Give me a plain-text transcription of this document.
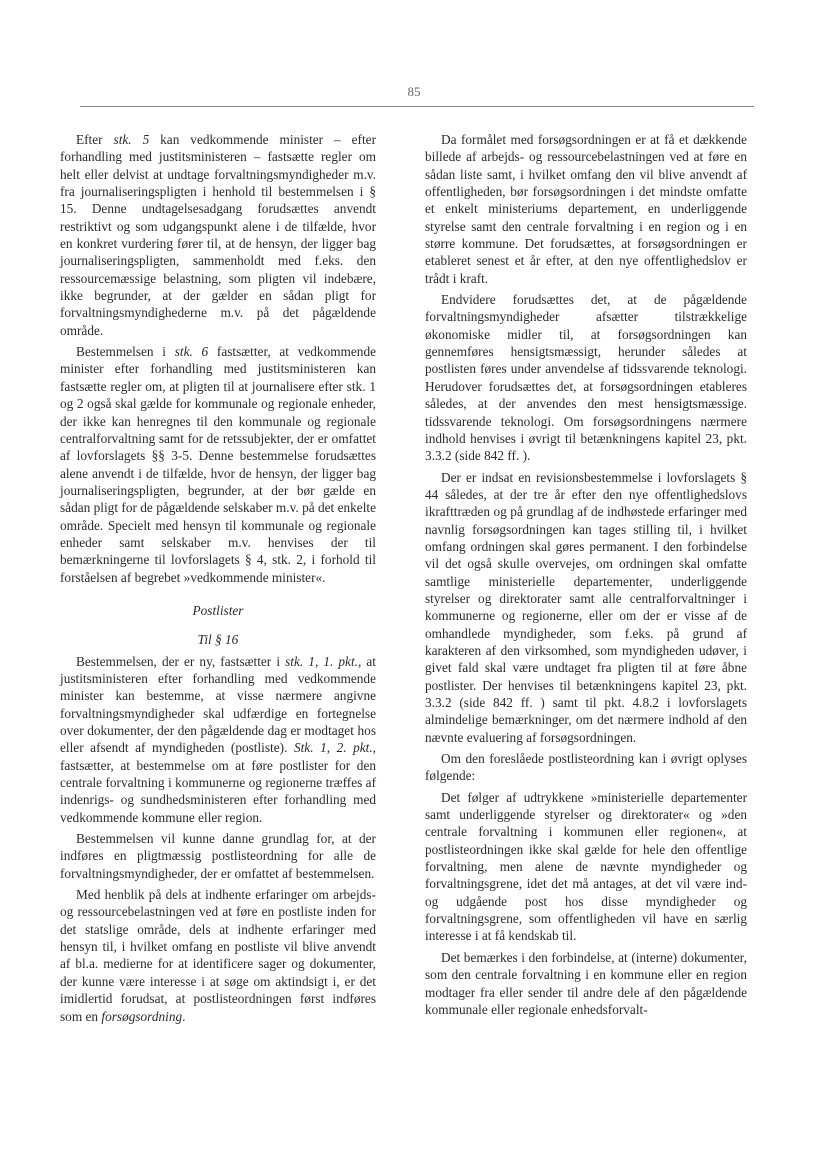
85

Efter stk. 5 kan vedkommende minister – efter forhandling med justitsministeren – fastsætte regler om helt eller delvist at undtage forvaltningsmyndigheder m.v. fra journaliseringspligten i henhold til bestemmelsen i § 15. Denne undtagelsesadgang forudsættes anvendt restriktivt og som udgangspunkt alene i de tilfælde, hvor en konkret vurdering fører til, at de hensyn, der ligger bag journaliseringspligten, sammenholdt med f.eks. den ressourcemæssige belastning, som pligten vil indebære, ikke begrunder, at der gælder en sådan pligt for forvaltningsmyndighederne m.v. på det pågældende område.

Bestemmelsen i stk. 6 fastsætter, at vedkommende minister efter forhandling med justitsministeren kan fastsætte regler om, at pligten til at journalisere efter stk. 1 og 2 også skal gælde for kommunale og regionale enheder, der ikke kan henregnes til den kommunale og regionale centralforvaltning samt for de retssubjekter, der er omfattet af lovforslagets §§ 3-5. Denne bestemmelse forudsættes alene anvendt i de tilfælde, hvor de hensyn, der ligger bag journaliseringspligten, begrunder, at der bør gælde en sådan pligt for de pågældende selskaber m.v. på det enkelte område. Specielt med hensyn til kommunale og regionale enheder samt selskaber m.v. henvises der til bemærkningerne til lovforslagets § 4, stk. 2, i forhold til forståelsen af begrebet »vedkommende minister«.

Postlister
Til § 16

Bestemmelsen, der er ny, fastsætter i stk. 1, 1. pkt., at justitsministeren efter forhandling med vedkommende minister kan bestemme, at visse nærmere angivne forvaltningsmyndigheder skal udfærdige en fortegnelse over dokumenter, der den pågældende dag er modtaget hos eller afsendt af myndigheden (postliste). Stk. 1, 2. pkt., fastsætter, at bestemmelse om at føre postlister for den centrale forvaltning i kommunerne og regionerne træffes af indenrigs- og sundhedsministeren efter forhandling med vedkommende kommune eller region.

Bestemmelsen vil kunne danne grundlag for, at der indføres en pligtmæssig postlisteordning for alle de forvaltningsmyndigheder, der er omfattet af bestemmelsen.

Med henblik på dels at indhente erfaringer om arbejds- og ressourcebelastningen ved at føre en postliste inden for det statslige område, dels at indhente erfaringer med hensyn til, i hvilket omfang en postliste vil blive anvendt af bl.a. medierne for at identificere sager og dokumenter, der kunne være interesse i at søge om aktindsigt i, er det imidlertid forudsat, at postlisteordningen først indføres som en forsøgsordning.

Da formålet med forsøgsordningen er at få et dækkende billede af arbejds- og ressourcebelastningen ved at føre en sådan liste samt, i hvilket omfang den vil blive anvendt af offentligheden, bør forsøgsordningen i det mindste omfatte et enkelt ministeriums departement, en underliggende styrelse samt den centrale forvaltning i en region og i en større kommune. Det forudsættes, at forsøgsordningen er etableret senest et år efter, at den nye offentlighedslov er trådt i kraft.

Endvidere forudsættes det, at de pågældende forvaltningsmyndigheder afsætter tilstrækkelige økonomiske midler til, at forsøgsordningen kan gennemføres hensigtsmæssigt, herunder således at postlisten føres under anvendelse af tidssvarende teknologi. Herudover forudsættes det, at forsøgsordningen etableres således, at der anvendes den mest hensigtsmæssige. tidssvarende teknologi. Om forsøgsordningens nærmere indhold henvises i øvrigt til betænkningens kapitel 23, pkt. 3.3.2 (side 842 ff. ).

Der er indsat en revisionsbestemmelse i lovforslagets § 44 således, at der tre år efter den nye offentlighedslovs ikrafttræden og på grundlag af de indhøstede erfaringer med navnlig forsøgsordningen kan tages stilling til, i hvilket omfang ordningen skal gøres permanent. I den forbindelse vil det også skulle overvejes, om ordningen skal omfatte samtlige ministerielle departementer, underliggende styrelser og direktorater samt alle centralforvaltninger i kommunerne og regionerne, eller om der er visse af de omhandlede myndigheder, som f.eks. på grund af karakteren af den virksomhed, som myndigheden udøver, i givet fald skal være undtaget fra pligten til at føre åbne postlister. Der henvises til betænkningens kapitel 23, pkt. 3.3.2 (side 842 ff. ) samt til pkt. 4.8.2 i lovforslagets almindelige bemærkninger, om det nærmere indhold af den nævnte evaluering af forsøgsordningen.

Om den foreslåede postlisteordning kan i øvrigt oplyses følgende:

Det følger af udtrykkene »ministerielle departementer samt underliggende styrelser og direktorater« og »den centrale forvaltning i kommunen eller regionen«, at postlisteordningen ikke skal gælde for hele den offentlige forvaltning, men alene de nævnte myndigheder og forvaltningsgrene, idet det må antages, at det vil være ind- og udgående post hos disse myndigheder og forvaltningsgrene, som offentligheden vil have en særlig interesse i at få kendskab til.

Det bemærkes i den forbindelse, at (interne) dokumenter, som den centrale forvaltning i en kommune eller en region modtager fra eller sender til andre dele af den pågældende kommunale eller regionale enhedsforvalt-
